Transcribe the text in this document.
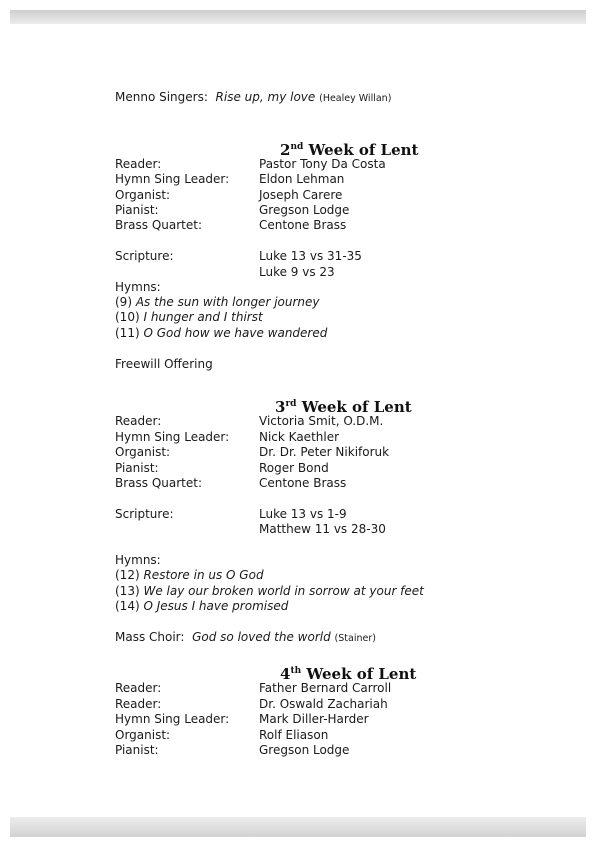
Menno Singers: Rise up, my love (Healey Willan)
2nd Week of Lent
Reader:	Pastor Tony Da Costa
Hymn Sing Leader: Eldon Lehman
Organist:	Joseph Carere
Pianist:	Gregson Lodge
Brass Quartet:	Centone Brass
Scripture:	Luke 13 vs 31-35
Luke 9 vs 23
Hymns:
(9) As the sun with longer journey
(10) I hunger and I thirst
(11) O God how we have wandered
Freewill Offering
3rd Week of Lent
Reader:	Victoria Smit, O.D.M.
Hymn Sing Leader: Nick Kaethler
Organist:	Dr. Dr. Peter Nikiforuk
Pianist:	Roger Bond
Brass Quartet:	Centone Brass
Scripture:	Luke 13 vs 1-9
Matthew 11 vs 28-30
Hymns:
(12) Restore in us O God
(13) We lay our broken world in sorrow at your feet
(14) O Jesus I have promised
Mass Choir: God so loved the world (Stainer)
4th Week of Lent
Reader:	Father Bernard Carroll
Reader:	Dr. Oswald Zachariah
Hymn Sing Leader: Mark Diller-Harder
Organist:	Rolf Eliason
Pianist:	Gregson Lodge
